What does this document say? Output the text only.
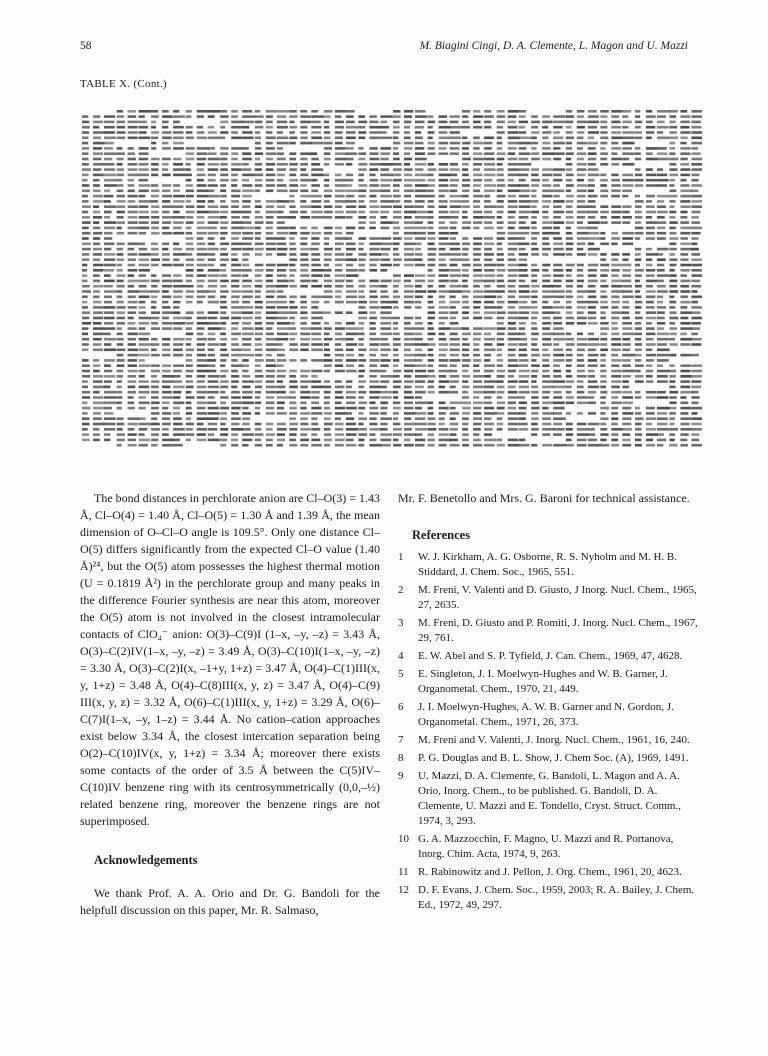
58	M. Biagini Cingi, D. A. Clemente, L. Magon and U. Mazzi
TABLE X. (Cont.)

The bond distances in perchlorate anion are Cl–O(3) = 1.43 Å, Cl–O(4) = 1.40 Å, Cl–O(5) = 1.30 Å and 1.39 Å, the mean dimension of O–Cl–O angle is 109.5°. Only one distance Cl–O(5) differs significantly from the expected Cl–O value (1.40 Å)²⁴, but the O(5) atom possesses the highest thermal motion (U = 0.1819 Å²) in the perchlorate group and many peaks in the difference Fourier synthesis are near this atom, moreover the O(5) atom is not involved in the closest intramolecular contacts of ClO₄⁻ anion: O(3)–C(9)I (1–x, –y, –z) = 3.43 Å, O(3)–C(2)IV(1–x, –y, –z) = 3.49 Å, O(3)–C(10)I(1–x, –y, –z) = 3.30 Å, O(3)–C(2)I(x, –1+y, 1+z) = 3.47 Å, O(4)–C(1)III(x, y, 1+z) = 3.48 Å, O(4)–C(8)III(x, y, z) = 3.47 Å, O(4)–C(9) III(x, y, z) = 3.32 Å, O(6)–C(1)III(x, y, 1+z) = 3.29 Å, O(6)–C(7)I(1–x, –y, 1–z) = 3.44 Å. No cation–cation approaches exist below 3.34 Å, the closest intercation separation being O(2)–C(10)IV(x, y, 1+z) = 3.34 Å; moreover there exists some contacts of the order of 3.5 Å between the C(5)IV–C(10)IV benzene ring with its centrosymmetrically (0,0,–½) related benzene ring, moreover the benzene rings are not superimposed.

Acknowledgements

We thank Prof. A. A. Orio and Dr. G. Bandoli for the helpfull discussion on this paper, Mr. R. Salmaso,

Mr. F. Benetollo and Mrs. G. Baroni for technical assistance.

References

1 W. J. Kirkham, A. G. Osborne, R. S. Nyholm and M. H. B. Stiddard, J. Chem. Soc., 1965, 551.
2 M. Freni, V. Valenti and D. Giusto, J Inorg. Nucl. Chem., 1965, 27, 2635.
3 M. Freni, D. Giusto and P. Romiti, J. Inorg. Nucl. Chem., 1967, 29, 761.
4 E. W. Abel and S. P. Tyfield, J. Can. Chem., 1969, 47, 4628.
5 E. Singleton, J. I. Moelwyn-Hughes and W. B. Garner, J. Organometal. Chem., 1970, 21, 449.
6 J. I. Moelwyn-Hughes, A. W. B. Garner and N. Gordon, J. Organometal. Chem., 1971, 26, 373.
7 M. Freni and V. Valenti, J. Inorg. Nucl. Chem., 1961, 16, 240.
8 P. G. Douglas and B. L. Show, J. Chem Soc. (A), 1969, 1491.
9 U. Mazzi, D. A. Clemente, G. Bandoli, L. Magon and A. A. Orio, Inorg. Chem., to be published. G. Bandoli, D. A. Clemente, U. Mazzi and E. Tondello, Cryst. Struct. Comm., 1974, 3, 293.
10 G. A. Mazzocchin, F. Magno, U. Mazzi and R. Portanova, Inorg. Chim. Acta, 1974, 9, 263.
11 R. Rabinowitz and J. Pellon, J. Org. Chem., 1961, 20, 4623.
12 D. F. Evans, J. Chem. Soc., 1959, 2003; R. A. Bailey, J. Chem. Ed., 1972, 49, 297.
